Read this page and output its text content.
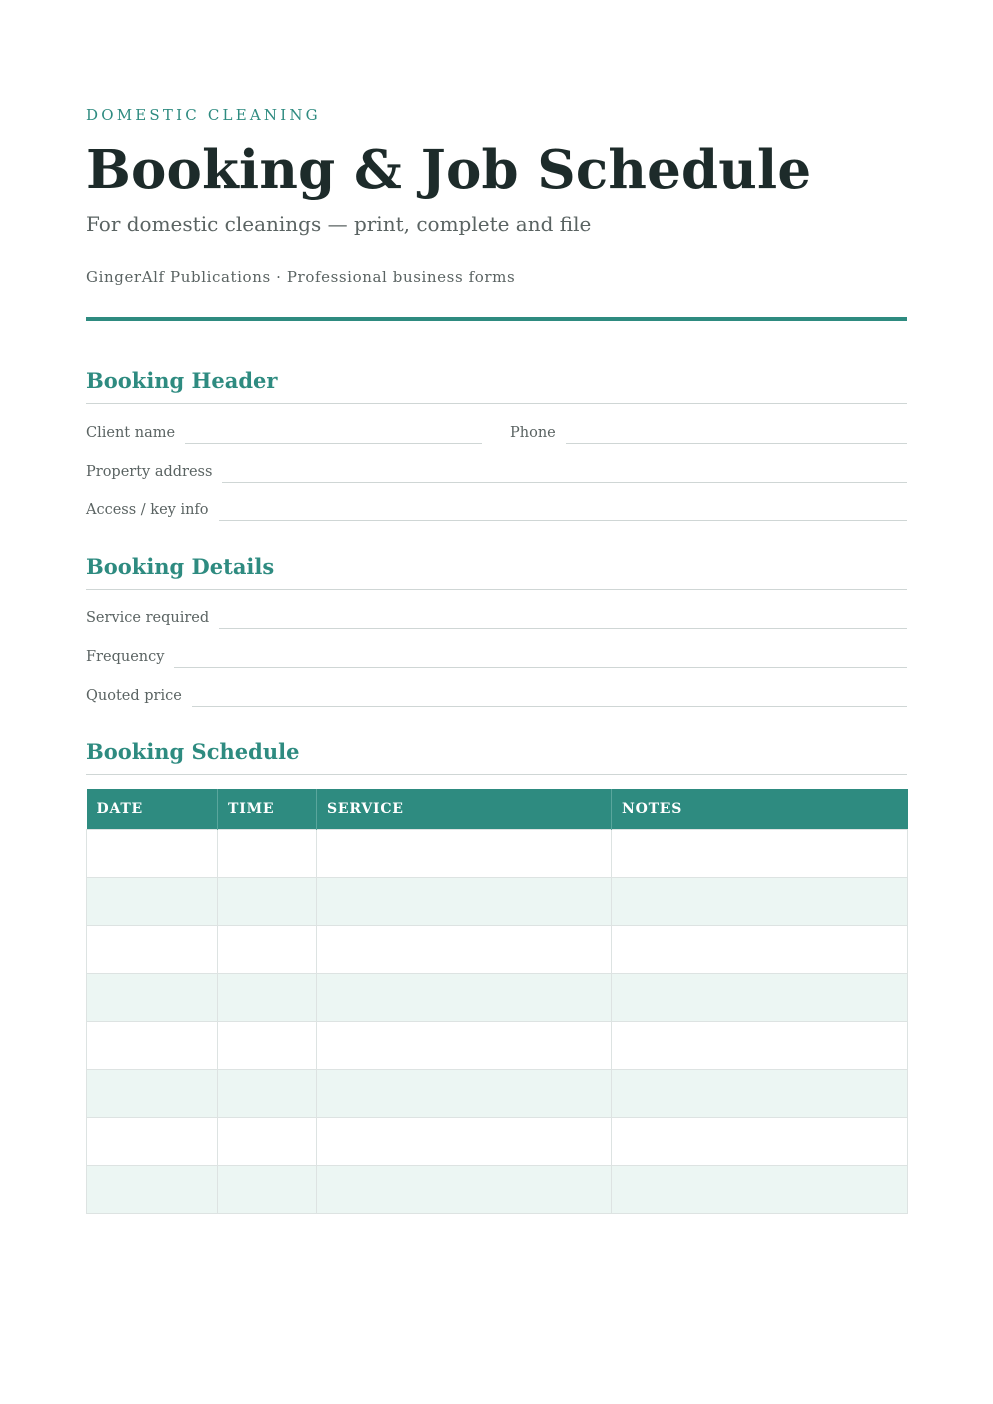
DOMESTIC CLEANING
Booking & Job Schedule
For domestic cleanings — print, complete and file
GingerAlf Publications · Professional business forms
Booking Header
Client name	Phone
Property address
Access / key info
Booking Details
Service required
Frequency
Quoted price
Booking Schedule
DATE	TIME	SERVICE	NOTES
